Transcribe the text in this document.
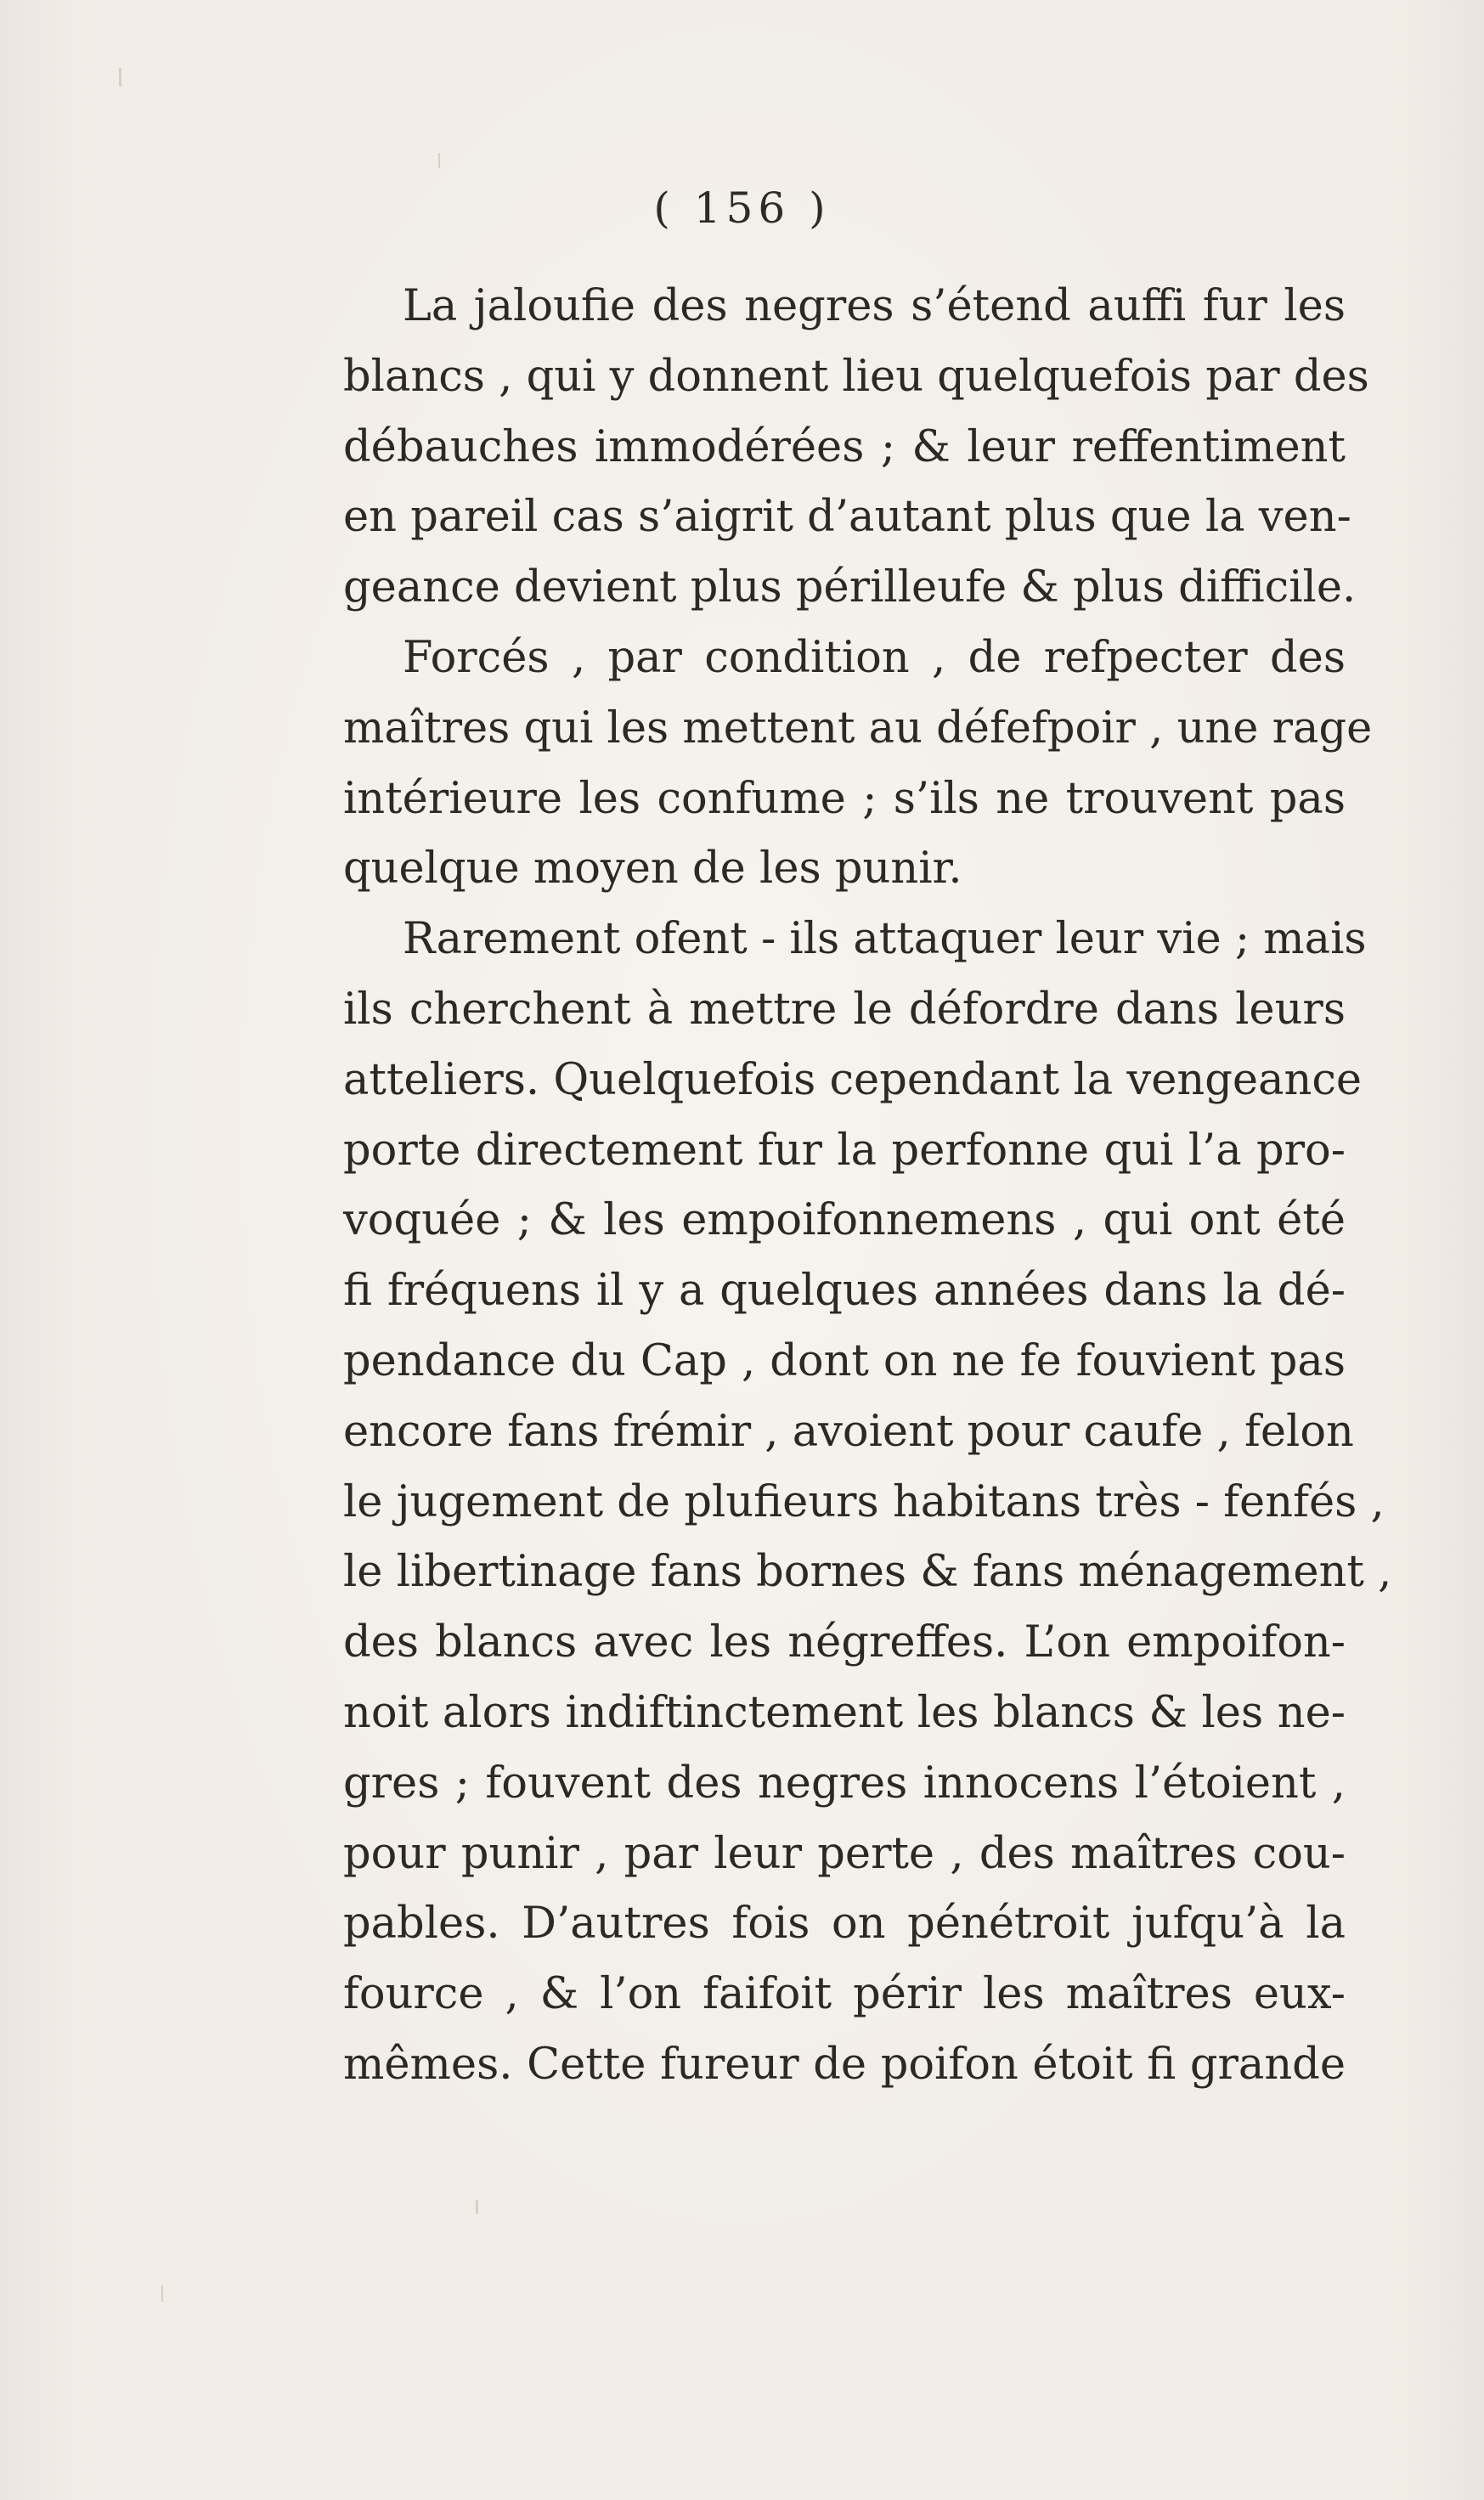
( 156 )
La jaloufie des negres s’étend auffi fur les
blancs , qui y donnent lieu quelquefois par des
débauches immodérées ; & leur reffentiment
en pareil cas s’aigrit d’autant plus que la ven-
geance devient plus périlleufe & plus difficile.
Forcés , par condition , de refpecter des
maîtres qui les mettent au défefpoir , une rage
intérieure les confume ; s’ils ne trouvent pas
quelque moyen de les punir.
Rarement ofent - ils attaquer leur vie ; mais
ils cherchent à mettre le défordre dans leurs
atteliers. Quelquefois cependant la vengeance
porte directement fur la perfonne qui l’a pro-
voquée ; & les empoifonnemens , qui ont été
fi fréquens il y a quelques années dans la dé-
pendance du Cap , dont on ne fe fouvient pas
encore fans frémir , avoient pour caufe , felon
le jugement de plufieurs habitans très - fenfés ,
le libertinage fans bornes & fans ménagement ,
des blancs avec les négreffes. L’on empoifon-
noit alors indiftinctement les blancs & les ne-
gres ; fouvent des negres innocens l’étoient ,
pour punir , par leur perte , des maîtres cou-
pables. D’autres fois on pénétroit jufqu’à la
fource , & l’on faifoit périr les maîtres eux-
mêmes. Cette fureur de poifon étoit fi grande
